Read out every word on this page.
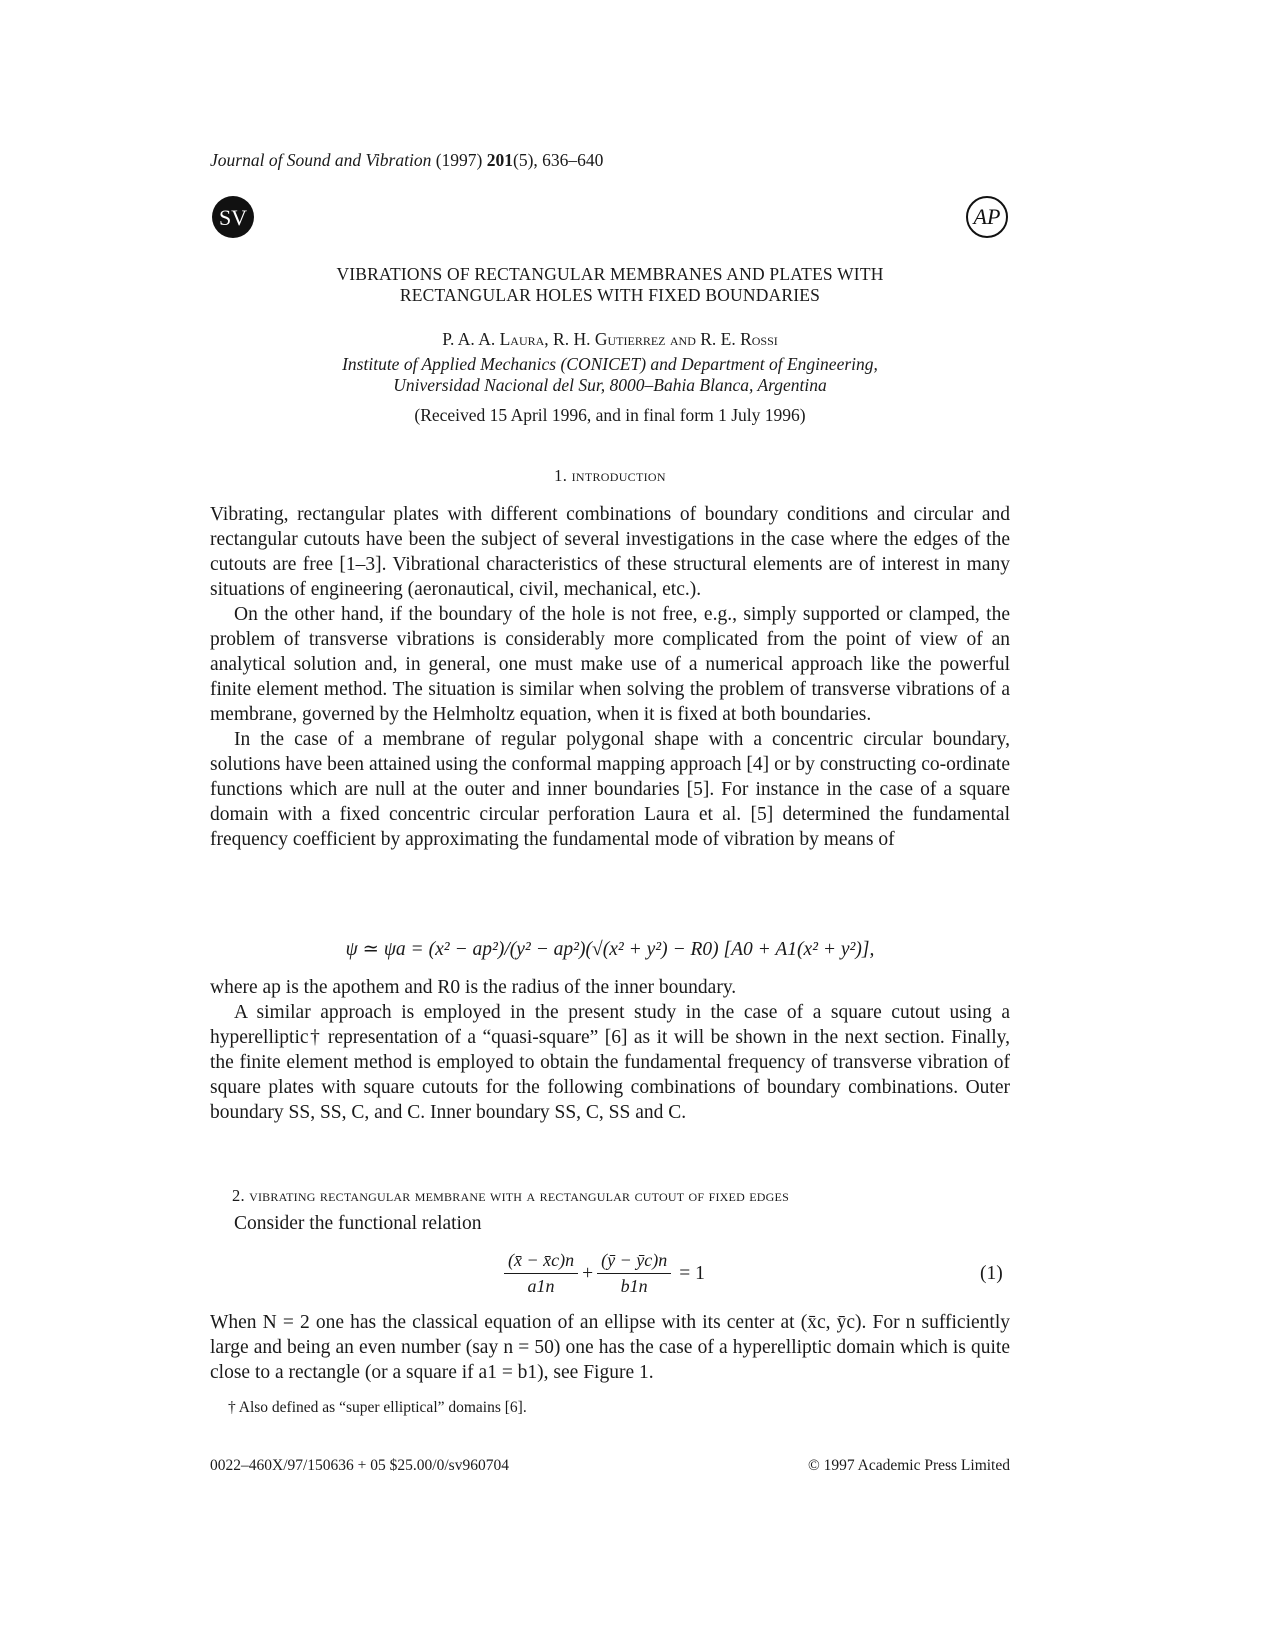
Journal of Sound and Vibration (1997) 201(5), 636–640
SV	AP
VIBRATIONS OF RECTANGULAR MEMBRANES AND PLATES WITH
RECTANGULAR HOLES WITH FIXED BOUNDARIES
P. A. A. Laura, R. H. Gutierrez and R. E. Rossi
Institute of Applied Mechanics (CONICET) and Department of Engineering,
Universidad Nacional del Sur, 8000–Bahia Blanca, Argentina
(Received 15 April 1996, and in final form 1 July 1996)
1. introduction

Vibrating, rectangular plates with different combinations of boundary conditions and circular and rectangular cutouts have been the subject of several investigations in the case where the edges of the cutouts are free [1–3]. Vibrational characteristics of these structural elements are of interest in many situations of engineering (aeronautical, civil, mechanical, etc.).

On the other hand, if the boundary of the hole is not free, e.g., simply supported or clamped, the problem of transverse vibrations is considerably more complicated from the point of view of an analytical solution and, in general, one must make use of a numerical approach like the powerful finite element method. The situation is similar when solving the problem of transverse vibrations of a membrane, governed by the Helmholtz equation, when it is fixed at both boundaries.

In the case of a membrane of regular polygonal shape with a concentric circular boundary, solutions have been attained using the conformal mapping approach [4] or by constructing co-ordinate functions which are null at the outer and inner boundaries [5]. For instance in the case of a square domain with a fixed concentric circular perforation Laura et al. [5] determined the fundamental frequency coefficient by approximating the fundamental mode of vibration by means of

ψ ≃ ψa = (x² − ap²)/(y² − ap²)(√(x² + y²) − R0) [A0 + A1(x² + y²)],

where ap is the apothem and R0 is the radius of the inner boundary.

A similar approach is employed in the present study in the case of a square cutout using a hyperelliptic† representation of a “quasi-square” [6] as it will be shown in the next section. Finally, the finite element method is employed to obtain the fundamental frequency of transverse vibration of square plates with square cutouts for the following combinations of boundary combinations. Outer boundary SS, SS, C, and C. Inner boundary SS, C, SS and C.

2. vibrating rectangular membrane with a rectangular cutout of fixed edges

Consider the functional relation

$\frac{(x̄ - x̄c)n}{a1n} + \frac{(ȳ - ȳc)n}{b1n} = 1$	(1)

When N = 2 one has the classical equation of an ellipse with its center at (x̄c, ȳc). For n sufficiently large and being an even number (say n = 50) one has the case of a hyperelliptic domain which is quite close to a rectangle (or a square if a1 = b1), see Figure 1.

† Also defined as “super elliptical” domains [6].
0022–460X/97/150636 + 05 $25.00/0/sv960704	© 1997 Academic Press Limited
